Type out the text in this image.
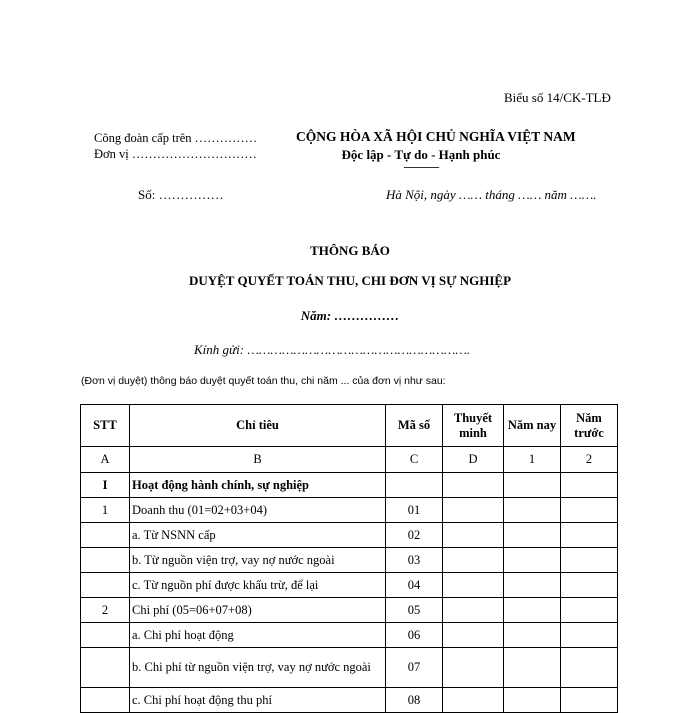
Biểu số 14/CK-TLĐ
Công đoàn cấp trên ……………
Đơn vị …………………………
CỘNG HÒA XÃ HỘI CHỦ NGHĨA VIỆT NAM
Độc lập - Tự do - Hạnh phúc
---------------
Số: ……………	Hà Nội, ngày …… tháng …… năm …….
THÔNG BÁO
DUYỆT QUYẾT TOÁN THU, CHI ĐƠN VỊ SỰ NGHIỆP
Năm: ……………
Kính gửi: ………………………………………………….
(Đơn vị duyệt) thông báo duyệt quyết toán thu, chi năm ... của đơn vị như sau:
STT	Chỉ tiêu	Mã số	Thuyết minh	Năm nay	Năm trước
A	B	C	D	1	2
I	Hoạt động hành chính, sự nghiệp				
1	Doanh thu (01=02+03+04)	01			
	a. Từ NSNN cấp	02			
	b. Từ nguồn viện trợ, vay nợ nước ngoài	03			
	c. Từ nguồn phí được khấu trừ, để lại	04			
2	Chi phí (05=06+07+08)	05			
	a. Chi phí hoạt động	06			
	b. Chi phí từ nguồn viện trợ, vay nợ nước ngoài	07			
	c. Chi phí hoạt động thu phí	08			
